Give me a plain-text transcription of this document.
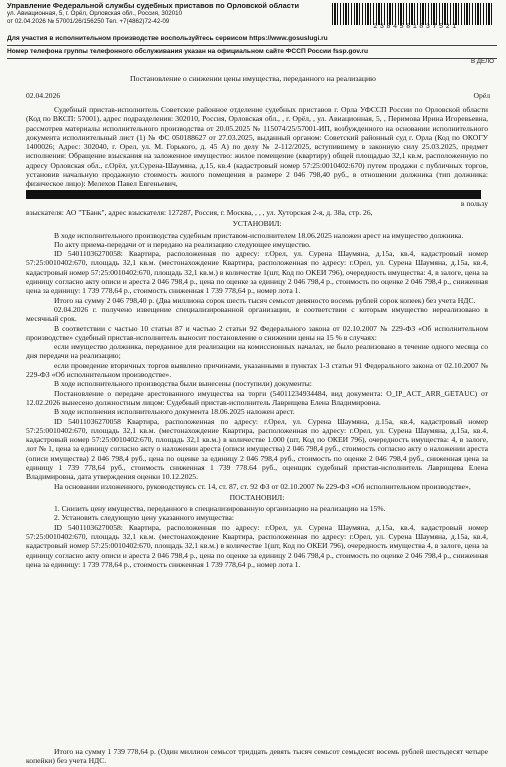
Управление Федеральной службы судебных приставов по Орловской области
ул. Авиационная, 5, г. Орёл, Орловская обл., Россия, 302010
от 02.04.2026 № 57001/26/156250 Тел. +7(4862)72-42-09
2384581837521
Для участия в исполнительном производстве воспользуйтесь сервисом https://www.gosuslugi.ru
Номер телефона группы телефонного обслуживания указан на официальном сайте ФССП России fssp.gov.ru
В ДЕЛО
Постановление о снижении цены имущества, переданного на реализацию
02.04.2026	Орёл

Судебный пристав-исполнитель Советское районное отделение судебных приставов г. Орла УФССП России по Орловской области (Код по ВКСП: 57001), адрес подразделения: 302010, Россия, Орловская обл., , г. Орёл, , ул. Авиационная, 5, , Перимова Ирина Игоревьевна, рассмотрев материалы исполнительного производства от 20.05.2025 № 115074/25/57001-ИП, возбужденного на основании исполнительного документа исполнительный лист (1) № ФС 050188627 от 27.03.2025, выданный органом: Советский районный суд г. Орла (Код по ОКОГУ 1400026; Адрес: 302040, г. Орел, ул. М. Горького, д. 45 А) по делу № 2-112/2025, вступившему в законную силу 25.03.2025, предмет исполнения: Обращение взыскания на заложенное имущество: жилое помещение (квартиру) общей площадью 32,1 кв.м, расположенную по адресу Орловская обл., г.Орёл, ул.Сурена-Шаумяна, д.15, кв.4 (кадастровый номер 57:25:0010402:670) путем продажи с публичных торгов, установив начальную продажную стоимость жилого помещения в размере 2 046 798,40 руб., в отношении должника (тип должника: физическое лицо): Мелехов Павел Евгеньевич,

в пользу

взыскателя: АО "ТБанк", адрес взыскателя: 127287, Россия, г. Москва, , , , ул. Хуторская 2-я, д. 38а, стр. 26,

УСТАНОВИЛ:

В ходе исполнительного производства судебным приставом-исполнителем 18.06.2025 наложен арест на имущество должника.

По акту приема-передачи от и передано на реализацию следующее имущество.

ID 54011036270058: Квартира, расположенная по адресу: г.Орел, ул. Сурена Шаумяна, д.15а, кв.4, кадастровый номер 57:25:0010402:670, площадь 32,1 кв.м. (местонахождение Квартира, расположенная по адресу: г.Орел, ул. Сурена Шаумяна, д.15а, кв.4, кадастровый номер 57:25:0010402:670, площадь 32,1 кв.м.) в количестве 1(шт, Код по ОКЕИ 796), очередность имущества: 4, в залоге, цена за единицу согласно акту описи и ареста 2 046 798,4 р., цена по оценке за единицу 2 046 798,4 р., стоимость по оценке 2 046 798,4 р., сниженная цена за единицу: 1 739 778,64 р., стоимость сниженная 1 739 778,64 р., номер лота 1.

Итого на сумму 2 046 798,40 р. (Два миллиона сорок шесть тысяч семьсот девяносто восемь рублей сорок копеек) без учета НДС.

02.04.2026 г. получено извещение специализированной организации, в соответствии с которым имущество нереализовано в месячный срок.

В соответствии с частью 10 статьи 87 и частью 2 статьи 92 Федерального закона от 02.10.2007 № 229-ФЗ «Об исполнительном производстве» судебный пристав-исполнитель выносит постановление о снижении цены на 15 % в случаях:

если имущество должника, переданное для реализации на комиссионных началах, не было реализовано в течение одного месяца со дня передачи на реализацию;

если проведение вторичных торгов выявлено причинами, указанными в пунктах 1-3 статьи 91 Федерального закона от 02.10.2007 № 229-ФЗ «Об исполнительном производстве».

В ходе исполнительного производства были вынесены (поступили) документы:

Постановление о передаче арестованного имущества на торги (54011234934484, вид документа: O_IP_ACT_ARR_GETAUC) от 12.02.2026 вынесено должностным лицом: Судебный пристав-исполнитель Лаврищева Елена Владимировна.

В ходе исполнения исполнительного документа 18.06.2025 наложен арест.

ID 54011036270058 Квартира, расположенная по адресу: г.Орел, ул. Сурена Шаумяна, д.15а, кв.4, кадастровый номер 57:25:0010402:670, площадь 32,1 кв.м. (местонахождение Квартира, расположенная по адресу: г.Орел, ул. Сурена Шаумяна, д.15а, кв.4, кадастровый номер 57:25:0010402:670, площадь 32,1 кв.м.) в количестве 1.000 (шт, Код по ОКЕИ 796), очередность имущества: 4, в залоге, лот № 1, цена за единицу согласно акту о наложении ареста (описи имущества) 2 046 798,4 руб., стоимость согласно акту о наложении ареста (описи имущества) 2 046 798,4 руб., цена по оценке за единицу 2 046 798,4 руб., стоимость по оценке 2 046 798,4 руб., сниженная цена за единицу 1 739 778,64 руб., стоимость сниженная 1 739 778.64 руб., оценщик судебный пристав-исполнитель Лаврищева Елена Владимировна, дата утверждения оценки 10.12.2025.

На основании изложенного, руководствуясь ст. 14, ст. 87, ст. 92 ФЗ от 02.10.2007 № 229-ФЗ «Об исполнительном производстве»,

ПОСТАНОВИЛ:

1. Снизить цену имущества, переданного в специализированную организацию на реализацию на 15%.

2. Установить следующую цену указанного имущества:

ID 54011036270058: Квартира, расположенная по адресу: г.Орел, ул. Сурена Шаумяна, д.15а, кв.4, кадастровый номер 57:25:0010402:670, площадь 32,1 кв.м. (местонахождение Квартира, расположенная по адресу: г.Орел, ул. Сурена Шаумяна, д.15а, кв.4, кадастровый номер 57:25:0010402:670, площадь 32,1 кв.м.) в количестве 1(шт, Код по ОКЕИ 796), очередность имущества 4, в залоге, цена за единицу согласно акту описи и ареста 2 046 798,4 р., цена по оценке за единицу 2 046 798,4 р., стоимость по оценке 2 046 798,4 р., сниженная цена за единицу: 1 739 778,64 р., стоимость сниженная 1 739 778,64 р., номер лота 1.

Итого на сумму 1 739 778,64 р. (Один миллион семьсот тридцать девять тысяч семьсот семьдесят восемь рублей шестьдесят четыре копейки) без учета НДС.
